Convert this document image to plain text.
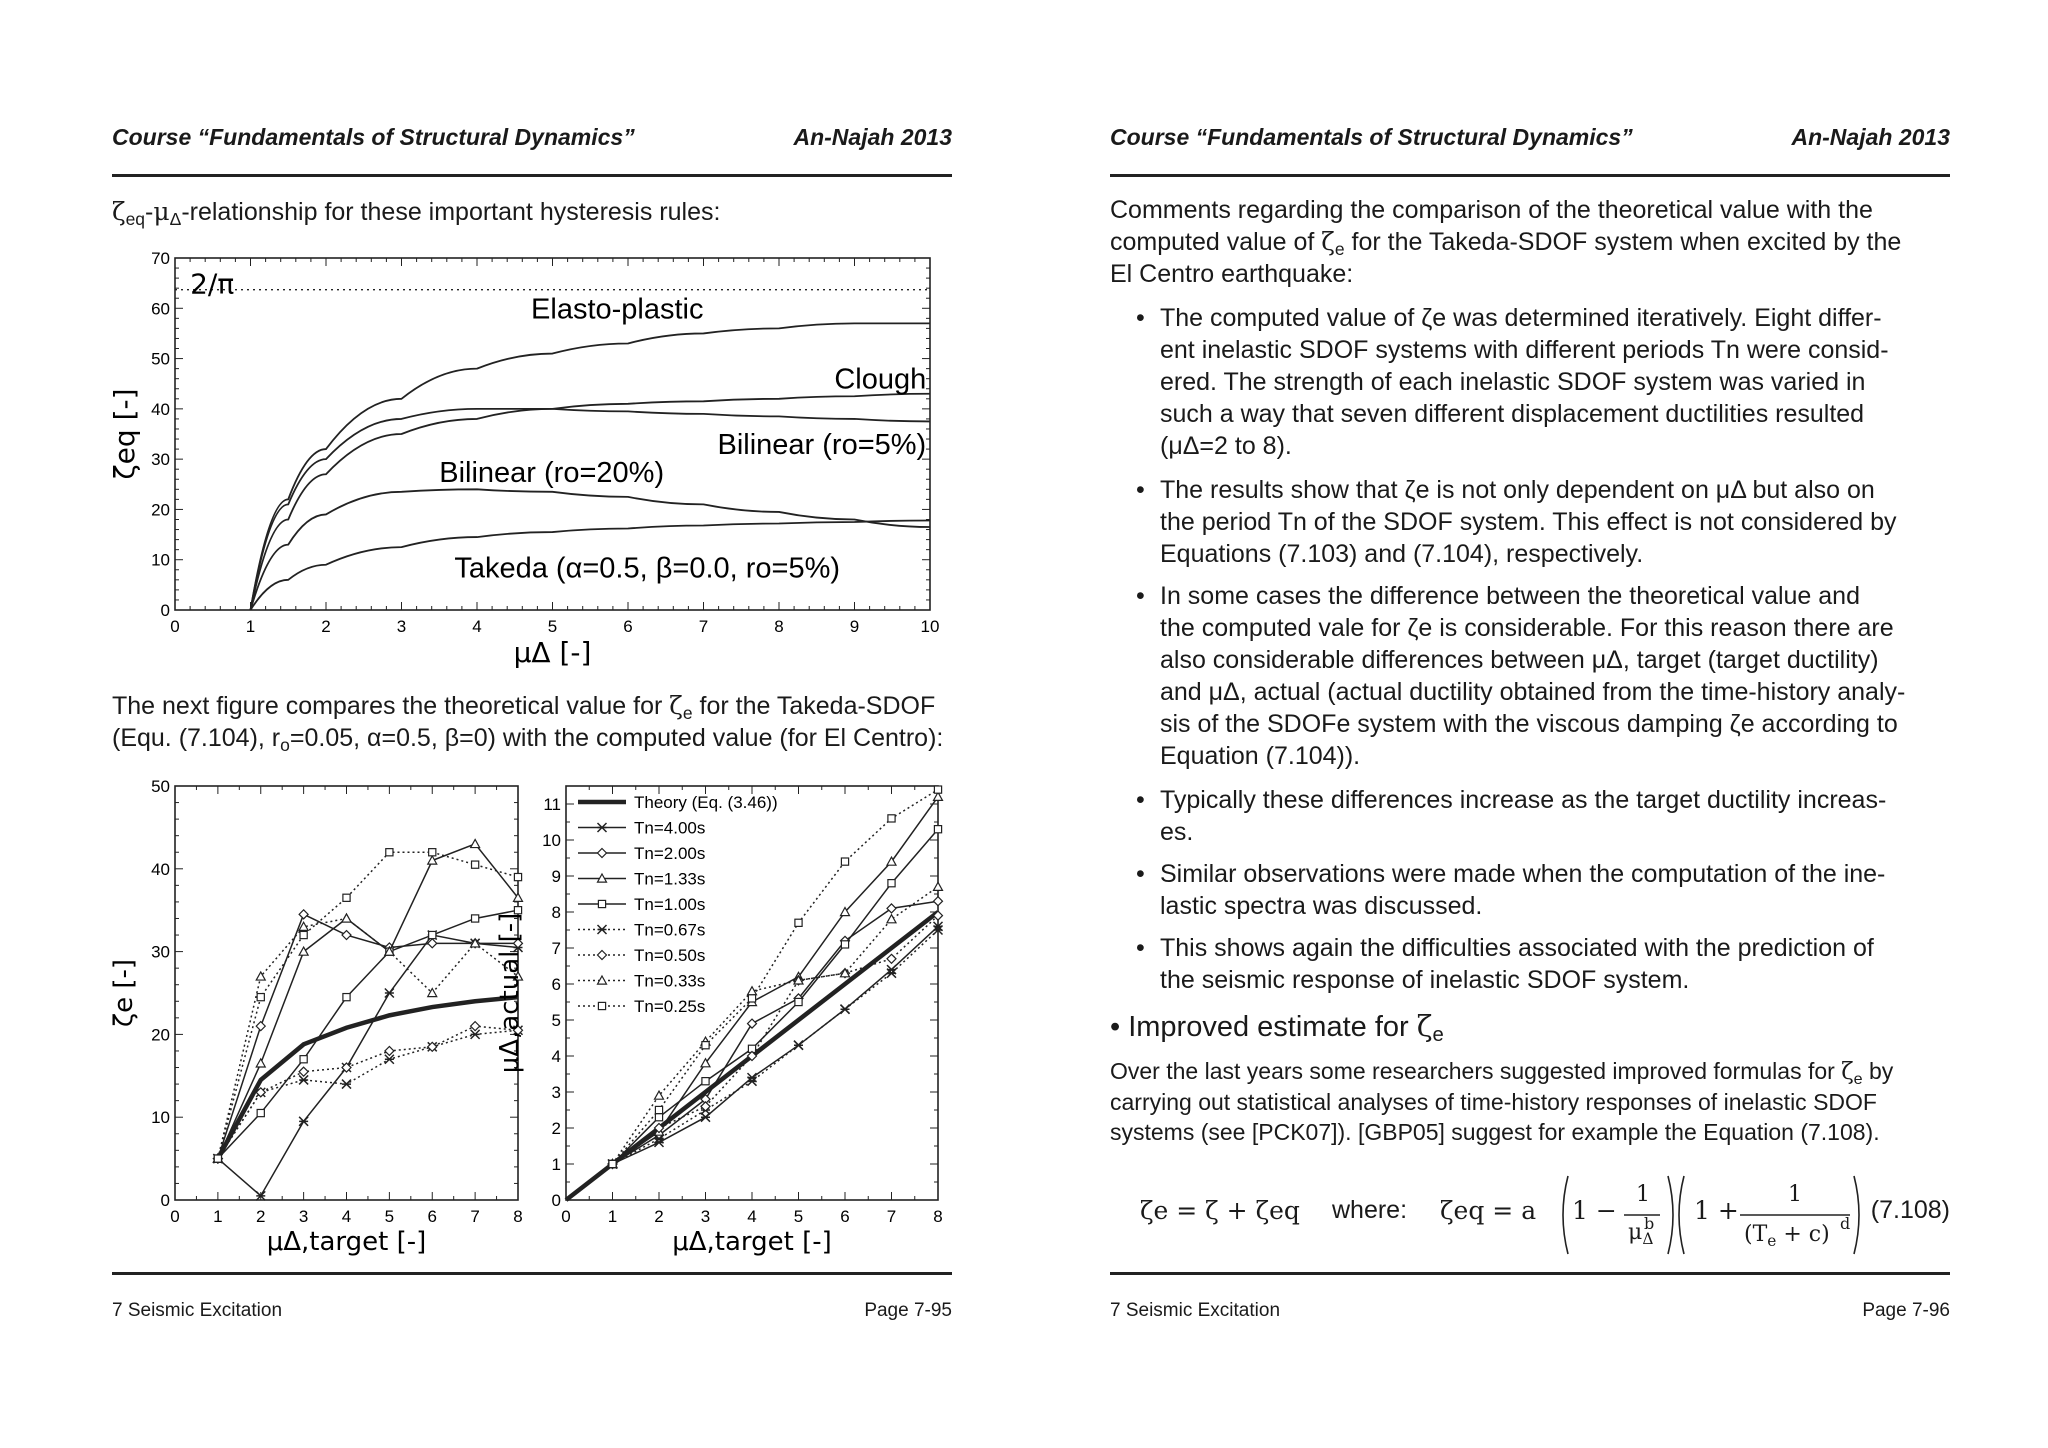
Course “Fundamentals of Structural Dynamics”	An-Najah 2013
$\zeta_{eq}-\mu_\Delta$-relationship for these important hysteresis rules:
0	1	2	3	4	5	6	7	8	9	10
0
10
20
30
40
50
60
70
2/π
Elasto-plastic
Clough
Bilinear (ro=5%)
Bilinear (ro=20%)
Takeda (α=0.5, β=0.0, ro=5%)
μΔ [-]
ζeq [-]
The next figure compares the theoretical value for $\zeta_e$ for the Takeda-SDOF
(Equ. (7.104), $r_o=0.05$, α=0.5, β=0) with the computed value (for El Centro):
0 1 2 3 4 5 6 7 8
0
10
20
30
40
50
μΔ,target [-]
ζe [-]
0 1 2 3 4 5 6 7 8
0
1
2
3
4
5
6
7
8
9
10
11
μΔ,target [-]
μΔ,actual [-]
Theory (Eq. (3.46))
Tn=4.00s
Tn=2.00s
Tn=1.33s
Tn=1.00s
Tn=0.67s
Tn=0.50s
Tn=0.33s
Tn=0.25s
7 Seismic Excitation	Page 7-95
Course “Fundamentals of Structural Dynamics”	An-Najah 2013
Comments regarding the comparison of the theoretical value with the
computed value of $\zeta_e$ for the Takeda-SDOF system when excited by the
El Centro earthquake:
• The computed value of ζe was determined iteratively. Eight differ-
ent inelastic SDOF systems with different periods Tn were consid-
ered. The strength of each inelastic SDOF system was varied in
such a way that seven different displacement ductilities resulted
(μΔ=2 to 8).
• The results show that ζe is not only dependent on μΔ but also on
the period Tn of the SDOF system. This effect is not considered by
Equations (7.103) and (7.104), respectively.
• In some cases the difference between the theoretical value and
the computed vale for ζe is considerable. For this reason there are
also considerable differences between μΔ, target (target ductility)
and μΔ, actual (actual ductility obtained from the time-history analy-
sis of the SDOFe system with the viscous damping ζe according to
Equation (7.104)).
• Typically these differences increase as the target ductility increas-
es.
• Similar observations were made when the computation of the ine-
lastic spectra was discussed.
• This shows again the difficulties associated with the prediction of
the seismic response of inelastic SDOF system.
• Improved estimate for $\zeta_e$
Over the last years some researchers suggested improved formulas for $\zeta_e$ by
carrying out statistical analyses of time-history responses of inelastic SDOF
systems (see [PCK07]). [GBP05] suggest for example the Equation (7.108).
ζe = ζ + ζeq where: ζeq = a 1 −
1
$\mu_\Delta$
b 1 +
1
$(T_e + c)$ d (7.108)
7 Seismic Excitation	Page 7-96
